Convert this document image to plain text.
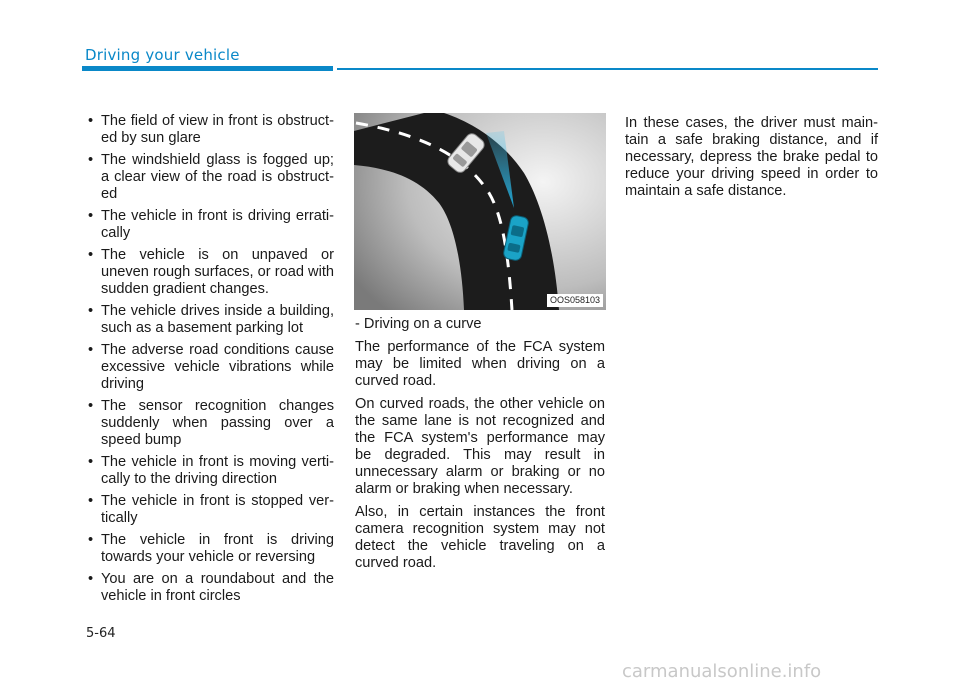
Driving your vehicle
• The field of view in front is obstructed by sun glare
• The windshield glass is fogged up; a clear view of the road is obstructed
• The vehicle in front is driving erratically
• The vehicle is on unpaved or uneven rough surfaces, or road with sudden gradient changes.
• The vehicle drives inside a building, such as a basement parking lot
• The adverse road conditions cause excessive vehicle vibrations while driving
• The sensor recognition changes suddenly when passing over a speed bump
• The vehicle in front is moving vertically to the driving direction
• The vehicle in front is stopped vertically
• The vehicle in front is driving towards your vehicle or reversing
• You are on a roundabout and the vehicle in front circles
OOS058103

- Driving on a curve

The performance of the FCA system may be limited when driving on a curved road.

On curved roads, the other vehicle on the same lane is not recognized and the FCA system's performance may be degraded. This may result in unnecessary alarm or braking or no alarm or braking when necessary.

Also, in certain instances the front camera recognition system may not detect the vehicle traveling on a curved road.

In these cases, the driver must maintain a safe braking distance, and if necessary, depress the brake pedal to reduce your driving speed in order to maintain a safe distance.

5-64
carmanualsonline.info
